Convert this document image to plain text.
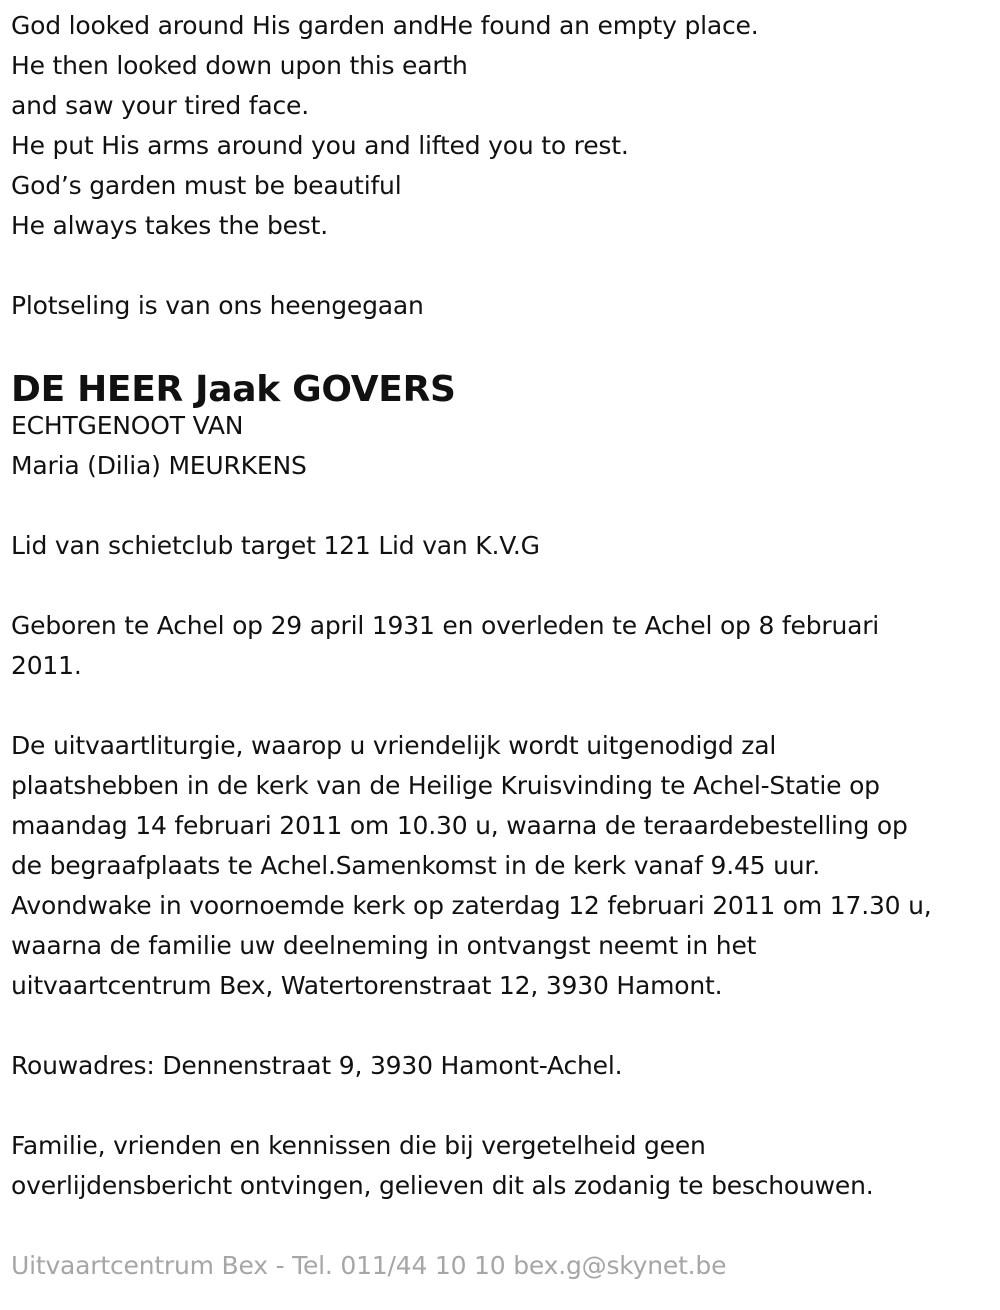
God looked around His garden andHe found an empty place.
He then looked down upon this earth
and saw your tired face.
He put His arms around you and lifted you to rest.
God’s garden must be beautiful
He always takes the best.
Plotseling is van ons heengegaan
DE HEER Jaak GOVERS
ECHTGENOOT VAN
Maria (Dilia) MEURKENS
Lid van schietclub target 121 Lid van K.V.G
Geboren te Achel op 29 april 1931 en overleden te Achel op 8 februari
2011.
De uitvaartliturgie, waarop u vriendelijk wordt uitgenodigd zal
plaatshebben in de kerk van de Heilige Kruisvinding te Achel-Statie op
maandag 14 februari 2011 om 10.30 u, waarna de teraardebestelling op
de begraafplaats te Achel.Samenkomst in de kerk vanaf 9.45 uur.
Avondwake in voornoemde kerk op zaterdag 12 februari 2011 om 17.30 u,
waarna de familie uw deelneming in ontvangst neemt in het
uitvaartcentrum Bex, Watertorenstraat 12, 3930 Hamont.
Rouwadres: Dennenstraat 9, 3930 Hamont-Achel.
Familie, vrienden en kennissen die bij vergetelheid geen
overlijdensbericht ontvingen, gelieven dit als zodanig te beschouwen.
Uitvaartcentrum Bex - Tel. 011/44 10 10 bex.g@skynet.be
